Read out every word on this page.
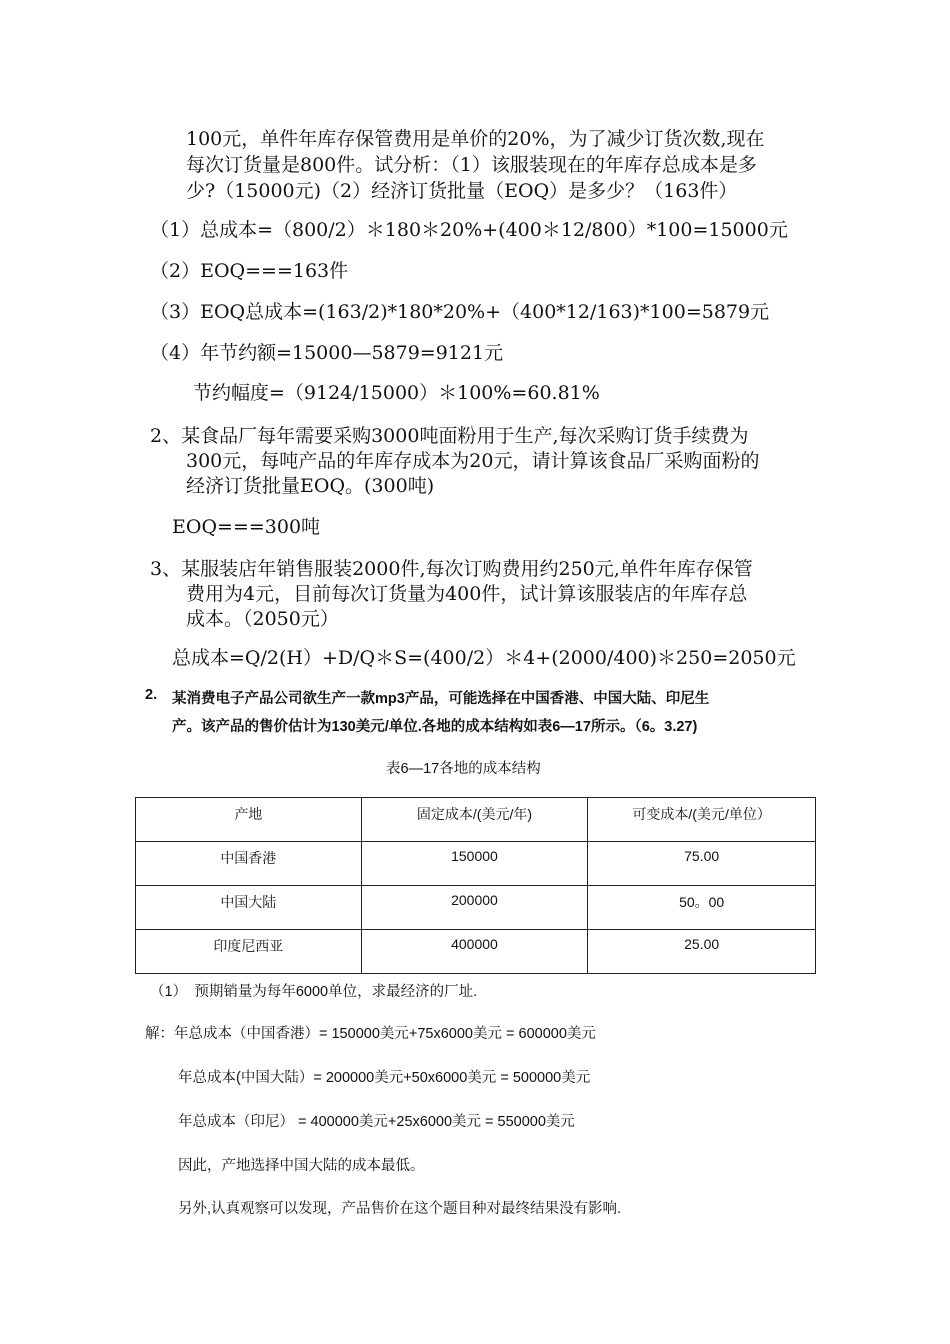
100元，单件年库存保管费用是单价的20%，为了减少订货次数,现在
每次订货量是800件。试分析：（1）该服装现在的年库存总成本是多
少?（15000元)（2）经济订货批量（EOQ）是多少？（163件）
（1）总成本=（800/2）＊180＊20%+(400＊12/800）*100=15000元
（2）EOQ===163件
（3）EOQ总成本=(163/2)*180*20%+（400*12/163)*100=5879元
（4）年节约额=15000—5879=9121元
节约幅度=（9124/15000）＊100%=60.81%
2、某食品厂每年需要采购3000吨面粉用于生产,每次采购订货手续费为
300元，每吨产品的年库存成本为20元，请计算该食品厂采购面粉的
经济订货批量EOQ。(300吨)
EOQ===300吨
3、某服装店年销售服装2000件,每次订购费用约250元,单件年库存保管
费用为4元，目前每次订货量为400件，试计算该服装店的年库存总
成本。（2050元）
总成本=Q/2(H）+D/Q＊S=(400/2）＊4+(2000/400)＊250=2050元
2. 某消费电子产品公司欲生产一款mp3产品，可能选择在中国香港、中国大陆、印尼生
产。该产品的售价估计为130美元/单位.各地的成本结构如表6—17所示。（6。3.27)
表6—17各地的成本结构
产地	固定成本/(美元/年)	可变成本/(美元/单位）
中国香港	150000	75.00
中国大陆	200000	50。00
印度尼西亚	400000	25.00
（1）　预期销量为每年6000单位，求最经济的厂址.
解：年总成本（中国香港）= 150000美元+75x6000美元 = 600000美元
年总成本(中国大陆）= 200000美元+50x6000美元 = 500000美元
年总成本（印尼） = 400000美元+25x6000美元 = 550000美元
因此，产地选择中国大陆的成本最低。
另外,认真观察可以发现，产品售价在这个题目种对最终结果没有影响.
